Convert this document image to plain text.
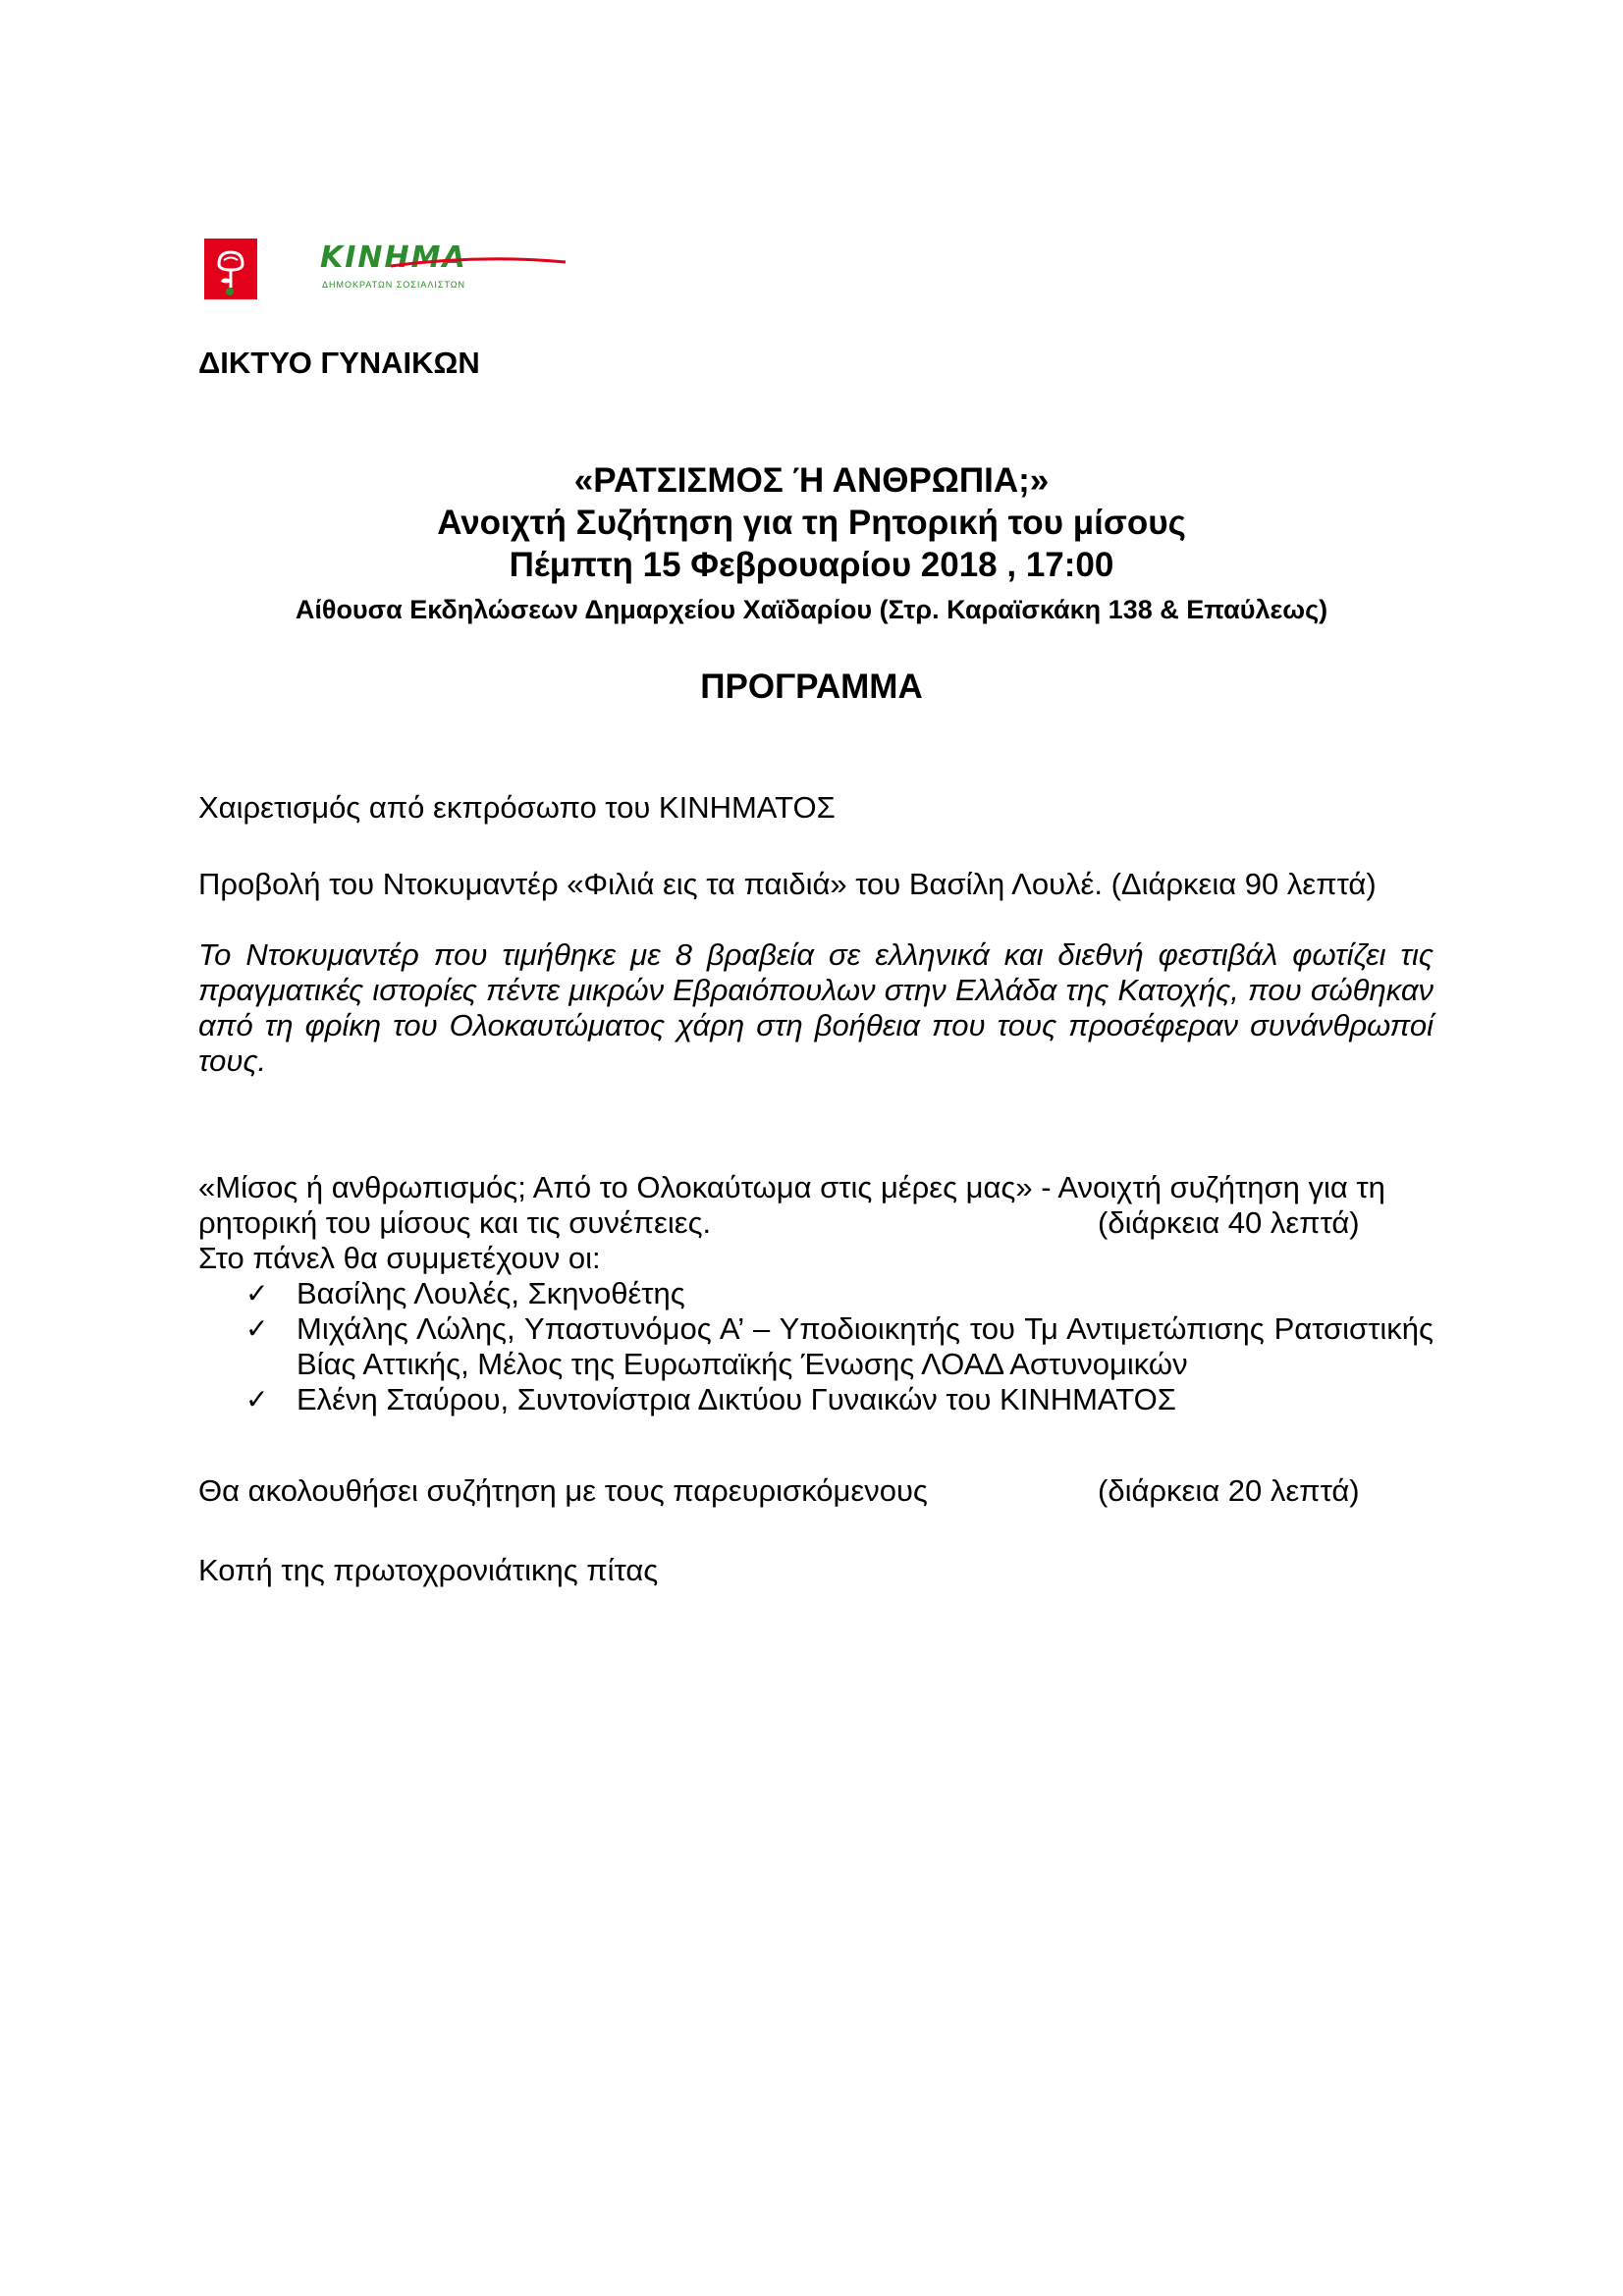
ΚΙΝΗΜΑ
ΔΗΜΟΚΡΑΤΩΝ ΣΟΣΙΑΛΙΣΤΩΝ
ΔΙΚΤΥΟ ΓΥΝΑΙΚΩΝ
«ΡΑΤΣΙΣΜΟΣ Ή ΑΝΘΡΩΠΙΑ;»
Ανοιχτή Συζήτηση για τη Ρητορική του μίσους
Πέμπτη 15 Φεβρουαρίου 2018 , 17:00
Αίθουσα Εκδηλώσεων Δημαρχείου Χαϊδαρίου (Στρ. Καραϊσκάκη 138 & Επαύλεως)
ΠΡΟΓΡΑΜΜΑ
Χαιρετισμός από εκπρόσωπο του ΚΙΝΗΜΑΤΟΣ
Προβολή του Ντοκυμαντέρ «Φιλιά εις τα παιδιά» του Βασίλη Λουλέ. (Διάρκεια 90 λεπτά)
Το Ντοκυμαντέρ που τιμήθηκε με 8 βραβεία σε ελληνικά και διεθνή φεστιβάλ φωτίζει τις πραγματικές ιστορίες πέντε μικρών Εβραιόπουλων στην Ελλάδα της Κατοχής, που σώθηκαν από τη φρίκη του Ολοκαυτώματος χάρη στη βοήθεια που τους προσέφεραν συνάνθρωποί τους.
«Μίσος ή ανθρωπισμός; Από το Ολοκαύτωμα στις μέρες μας» - Ανοιχτή συζήτηση για τη ρητορική του μίσους και τις συνέπειες.	(διάρκεια 40 λεπτά)
Στο πάνελ θα συμμετέχουν οι:
✓ Βασίλης Λουλές, Σκηνοθέτης
✓ Μιχάλης Λώλης, Υπαστυνόμος Α’ – Υποδιοικητής του Τμ Αντιμετώπισης Ρατσιστικής Βίας Αττικής, Μέλος της Ευρωπαϊκής Ένωσης ΛΟΑΔ Αστυνομικών
✓ Ελένη Σταύρου, Συντονίστρια Δικτύου Γυναικών του ΚΙΝΗΜΑΤΟΣ
Θα ακολουθήσει συζήτηση με τους παρευρισκόμενους	(διάρκεια 20 λεπτά)
Κοπή της πρωτοχρονιάτικης πίτας
